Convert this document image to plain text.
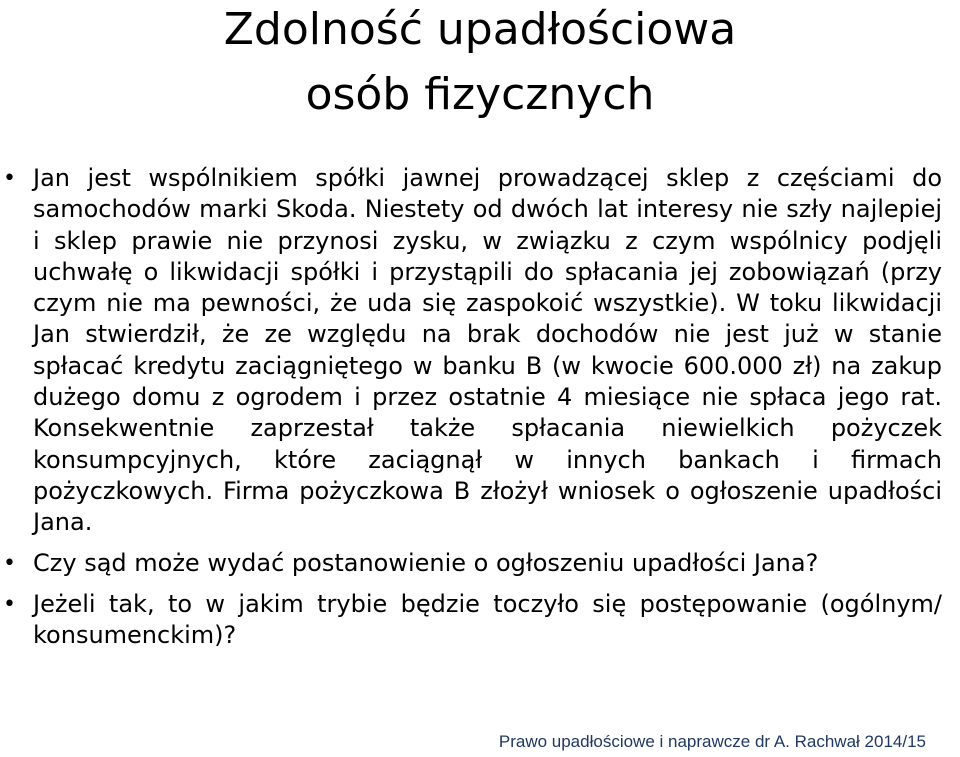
Zdolność upadłościowa
osób fizycznych

• Jan jest wspólnikiem spółki jawnej prowadzącej sklep z częściami do samochodów marki Skoda. Niestety od dwóch lat interesy nie szły najlepiej i sklep prawie nie przynosi zysku, w związku z czym wspólnicy podjęli uchwałę o likwidacji spółki i przystąpili do spłacania jej zobowiązań (przy czym nie ma pewności, że uda się zaspokoić wszystkie). W toku likwidacji Jan stwierdził, że ze względu na brak dochodów nie jest już w stanie spłacać kredytu zaciągniętego w banku B (w kwocie 600.000 zł) na zakup dużego domu z ogrodem i przez ostatnie 4 miesiące nie spłaca jego rat. Konsekwentnie zaprzestał także spłacania niewielkich pożyczek konsumpcyjnych, które zaciągnął w innych bankach i firmach pożyczkowych. Firma pożyczkowa B złożył wniosek o ogłoszenie upadłości Jana.

• Czy sąd może wydać postanowienie o ogłoszeniu upadłości Jana?

• Jeżeli tak, to w jakim trybie będzie toczyło się postępowanie (ogólnym/ konsumenckim)?

Prawo upadłościowe i naprawcze dr A. Rachwał 2014/15
